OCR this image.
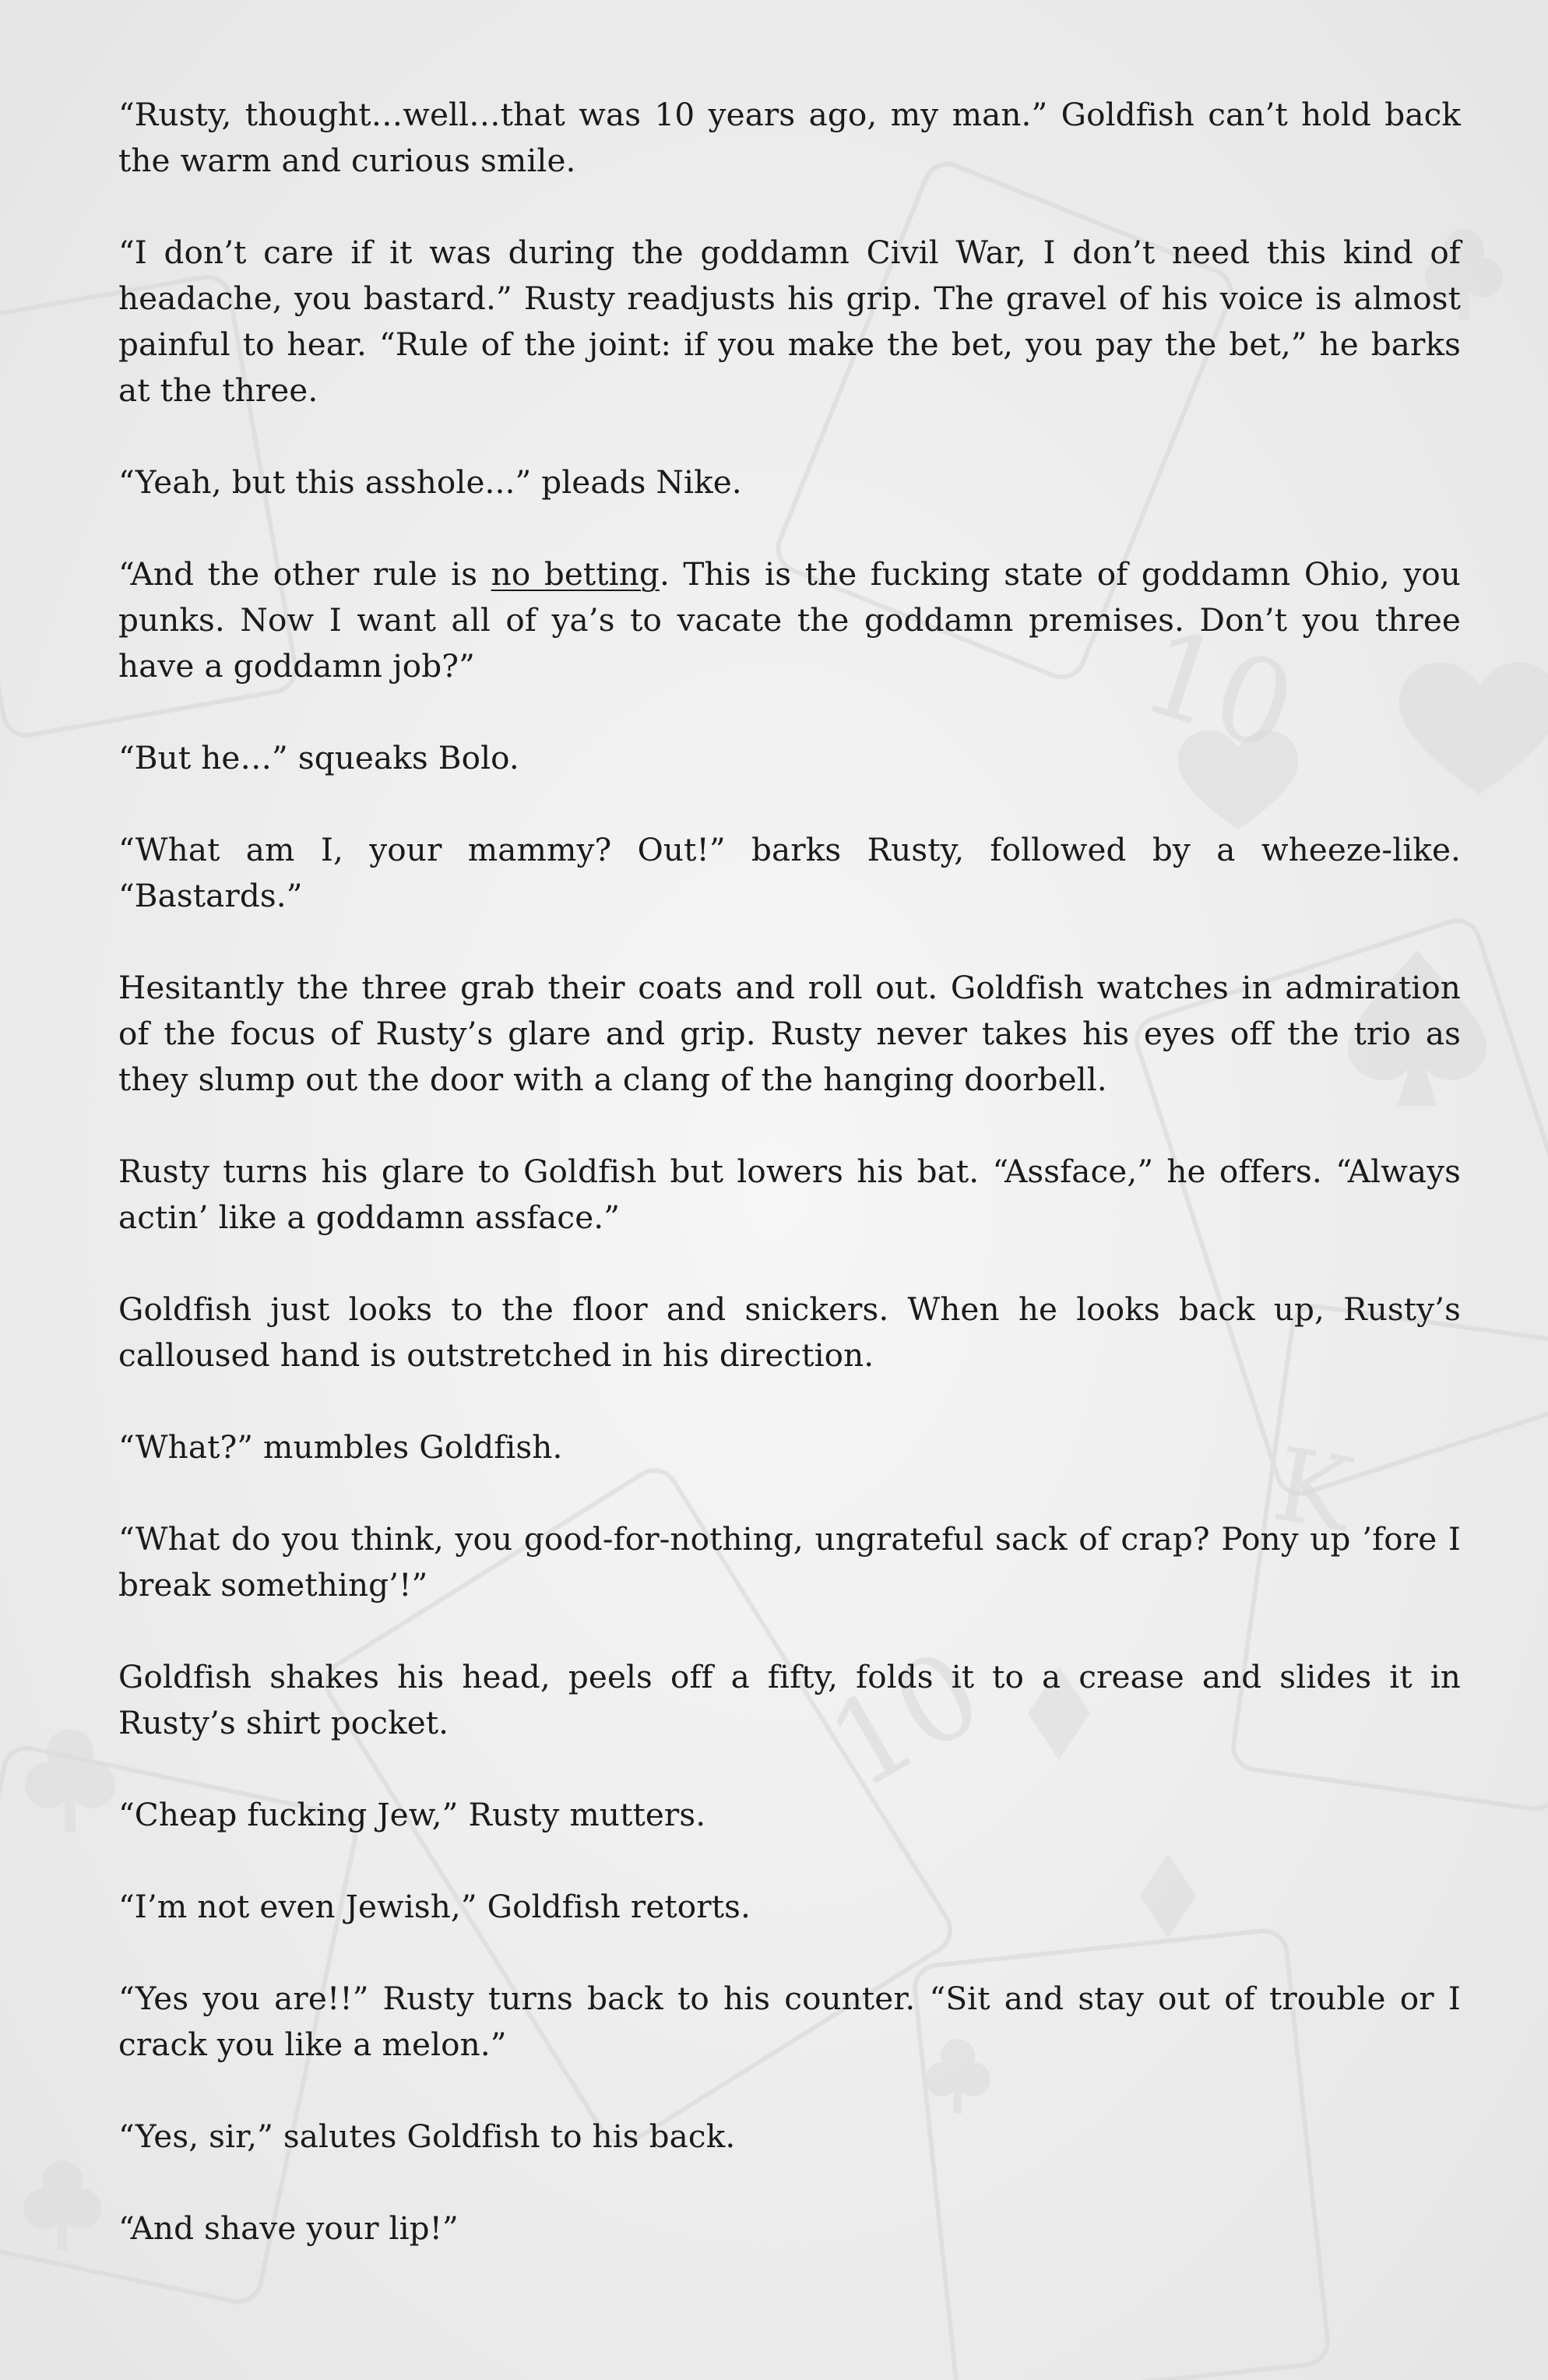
10
10
K

“Rusty, thought…well…that was 10 years ago, my man.” Goldfish can’t hold back the warm and curious smile.

“I don’t care if it was during the goddamn Civil War, I don’t need this kind of headache, you bastard.” Rusty readjusts his grip. The gravel of his voice is almost painful to hear. “Rule of the joint: if you make the bet, you pay the bet,” he barks at the three.

“Yeah, but this asshole...” pleads Nike.

“And the other rule is no betting. This is the fucking state of goddamn Ohio, you punks. Now I want all of ya’s to vacate the goddamn premises. Don’t you three have a goddamn job?”

“But he…” squeaks Bolo.

“What am I, your mammy? Out!” barks Rusty, followed by a wheeze-like. “Bastards.”

Hesitantly the three grab their coats and roll out. Goldfish watches in admiration of the focus of Rusty’s glare and grip. Rusty never takes his eyes off the trio as they slump out the door with a clang of the hanging doorbell.

Rusty turns his glare to Goldfish but lowers his bat. “Assface,” he offers. “Always actin’ like a goddamn assface.”

Goldfish just looks to the floor and snickers. When he looks back up, Rusty’s calloused hand is outstretched in his direction.

“What?” mumbles Goldfish.

“What do you think, you good-for-nothing, ungrateful sack of crap? Pony up ’fore I break something’!”

Goldfish shakes his head, peels off a fifty, folds it to a crease and slides it in Rusty’s shirt pocket.

“Cheap fucking Jew,” Rusty mutters.

“I’m not even Jewish,” Goldfish retorts.

“Yes you are!!” Rusty turns back to his counter. “Sit and stay out of trouble or I crack you like a melon.”

“Yes, sir,” salutes Goldfish to his back.

“And shave your lip!”
